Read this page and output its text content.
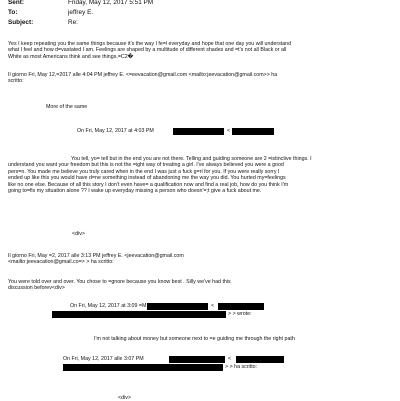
Sent:	Friday, May 12, 2017 5:51 PM
To:	jeffrey E.
Subject:	Re:
Yes I keep repeating you the same things because it's the way I fe=l everyday and hope that one day you will understand
what I feel and how d=vastated I am. Feelings are shaped by a multitude of different shades and =t's not all Black or all
White as most Americans think and see things.=C2�
Il giorno Fri, May 12,=2017 alle 4:04 PM jeffrey E. <=eevacation@gmail.com <mailto:jeevacation@gmail.com>> ha
scritto:
More of the same
On Fri, May 12, 2017 at 4:03 PM	<
You tell, yo= tell but in the end you are not there. Telling and guiding someone are 2 =istinctive things. I
understand you want your freedom but this is not the =ight way of treating a girl. I've always believed you were a good
pers=n. You made me believe you truly cared when in the end I was just a fuck g=rl for you. If you were really sorry I
ended up like this you would have d=ne something instead of abandoning me the way you did. You hurted my=feelings
like no one else. Because of all this story I don't even have= a qualification now and find a real job, how do you think I'm
going to=fix my situation alone ?? I wake up everyday missing a person who doesn'=;t give a fuck about me.
<div>
Il giorno Fri, May =2, 2017 alle 3:13 PM jeffrey E. <jeevacation@gmail.com
<mailto:jeevacation@gmail.co=> > ha scritto:
You were told over and over. You chose to =gnore because you know best . Silly we've had this
discussion beforev<div>
On Fri, May 12, 2017 at 3:09 =M	<
> > wrote:
I'm not talking about money but someone next to =e guiding me through the right path
On Fri, May 12, 2017 alle 3:07 PM	<
> > ha scritto:
<div>
